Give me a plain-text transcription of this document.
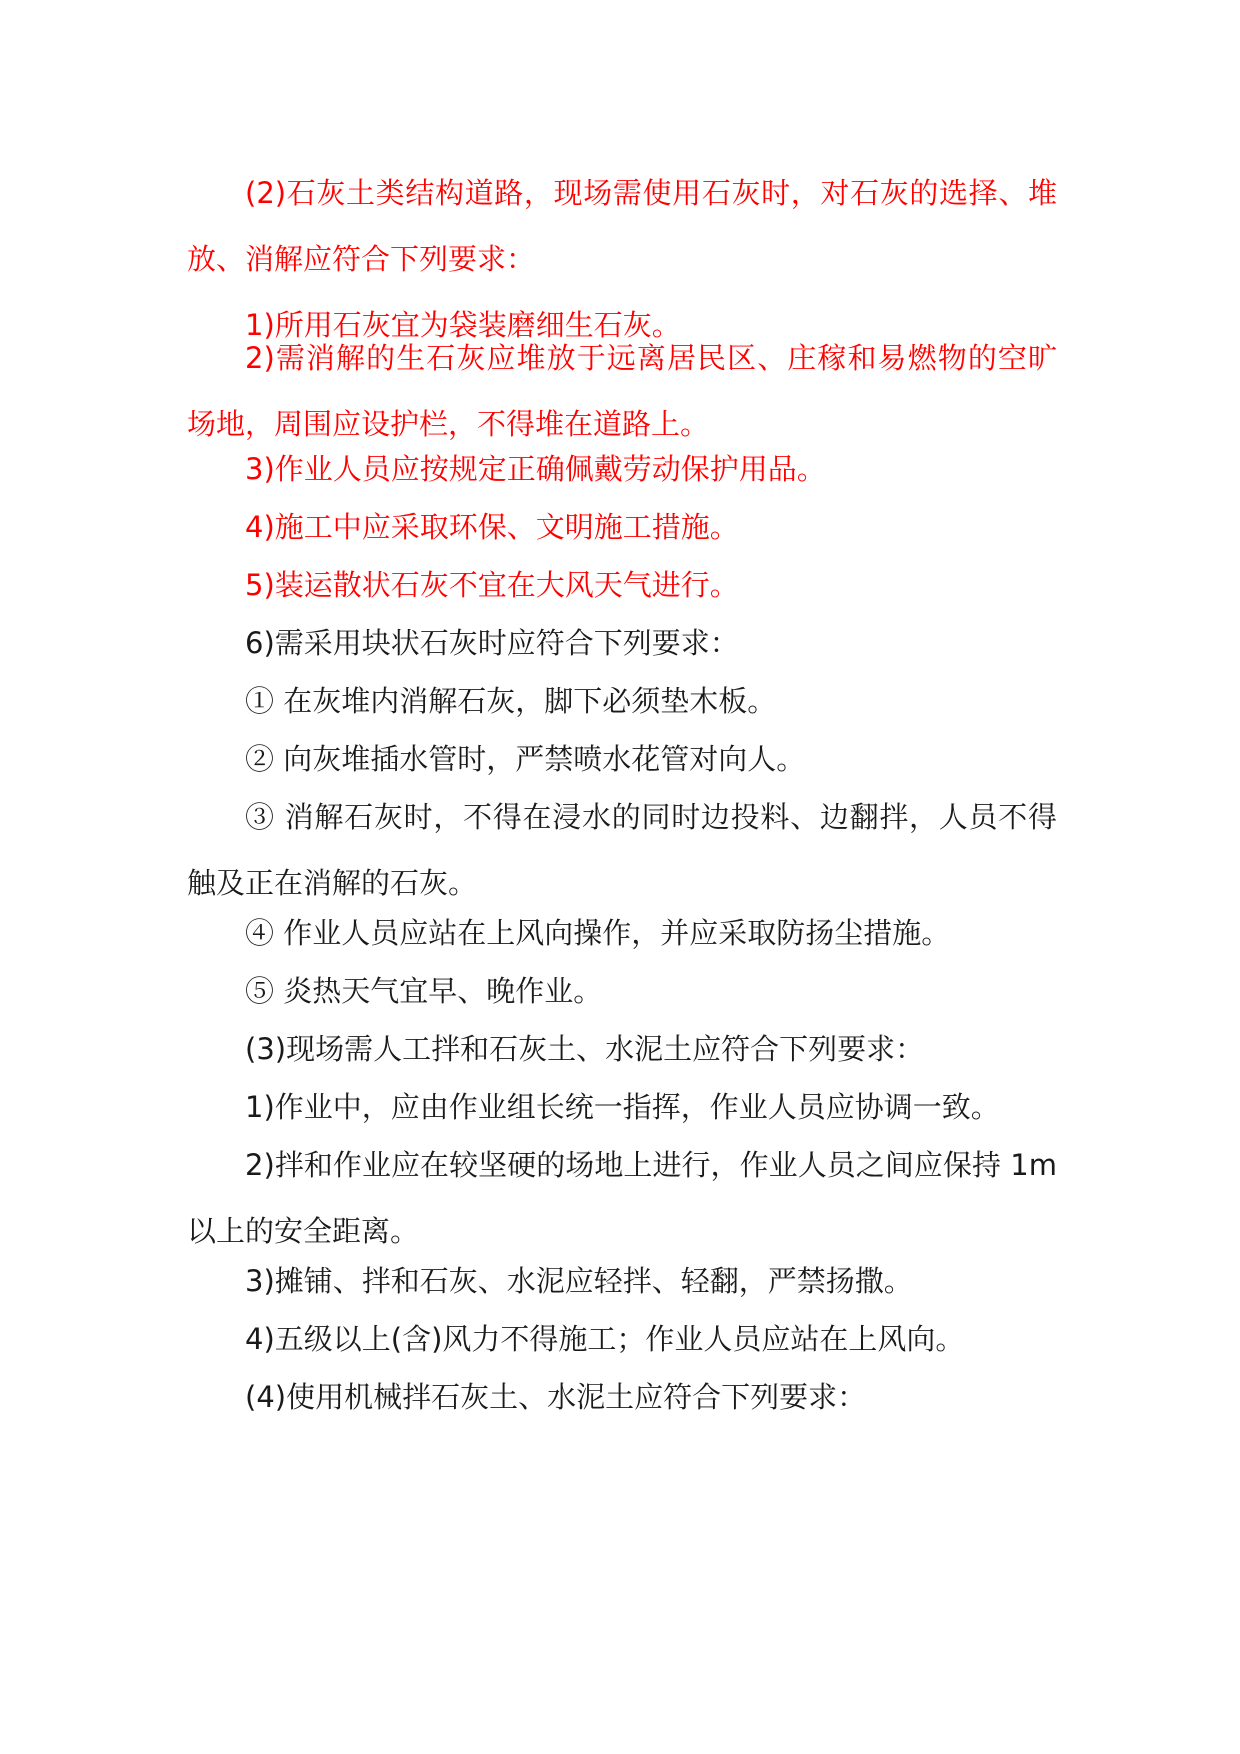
(2)石灰土类结构道路，现场需使用石灰时，对石灰的选择、堆放、消解应符合下列要求：

1)所用石灰宜为袋装磨细生石灰。

2)需消解的生石灰应堆放于远离居民区、庄稼和易燃物的空旷场地，周围应设护栏，不得堆在道路上。

3)作业人员应按规定正确佩戴劳动保护用品。

4)施工中应采取环保、文明施工措施。

5)装运散状石灰不宜在大风天气进行。

6)需采用块状石灰时应符合下列要求：

① 在灰堆内消解石灰，脚下必须垫木板。

② 向灰堆插水管时，严禁喷水花管对向人。

③ 消解石灰时，不得在浸水的同时边投料、边翻拌，人员不得触及正在消解的石灰。

④ 作业人员应站在上风向操作，并应采取防扬尘措施。

⑤ 炎热天气宜早、晚作业。

(3)现场需人工拌和石灰土、水泥土应符合下列要求：

1)作业中，应由作业组长统一指挥，作业人员应协调一致。

2)拌和作业应在较坚硬的场地上进行，作业人员之间应保持 1m 以上的安全距离。

3)摊铺、拌和石灰、水泥应轻拌、轻翻，严禁扬撒。

4)五级以上(含)风力不得施工；作业人员应站在上风向。

(4)使用机械拌石灰土、水泥土应符合下列要求：
